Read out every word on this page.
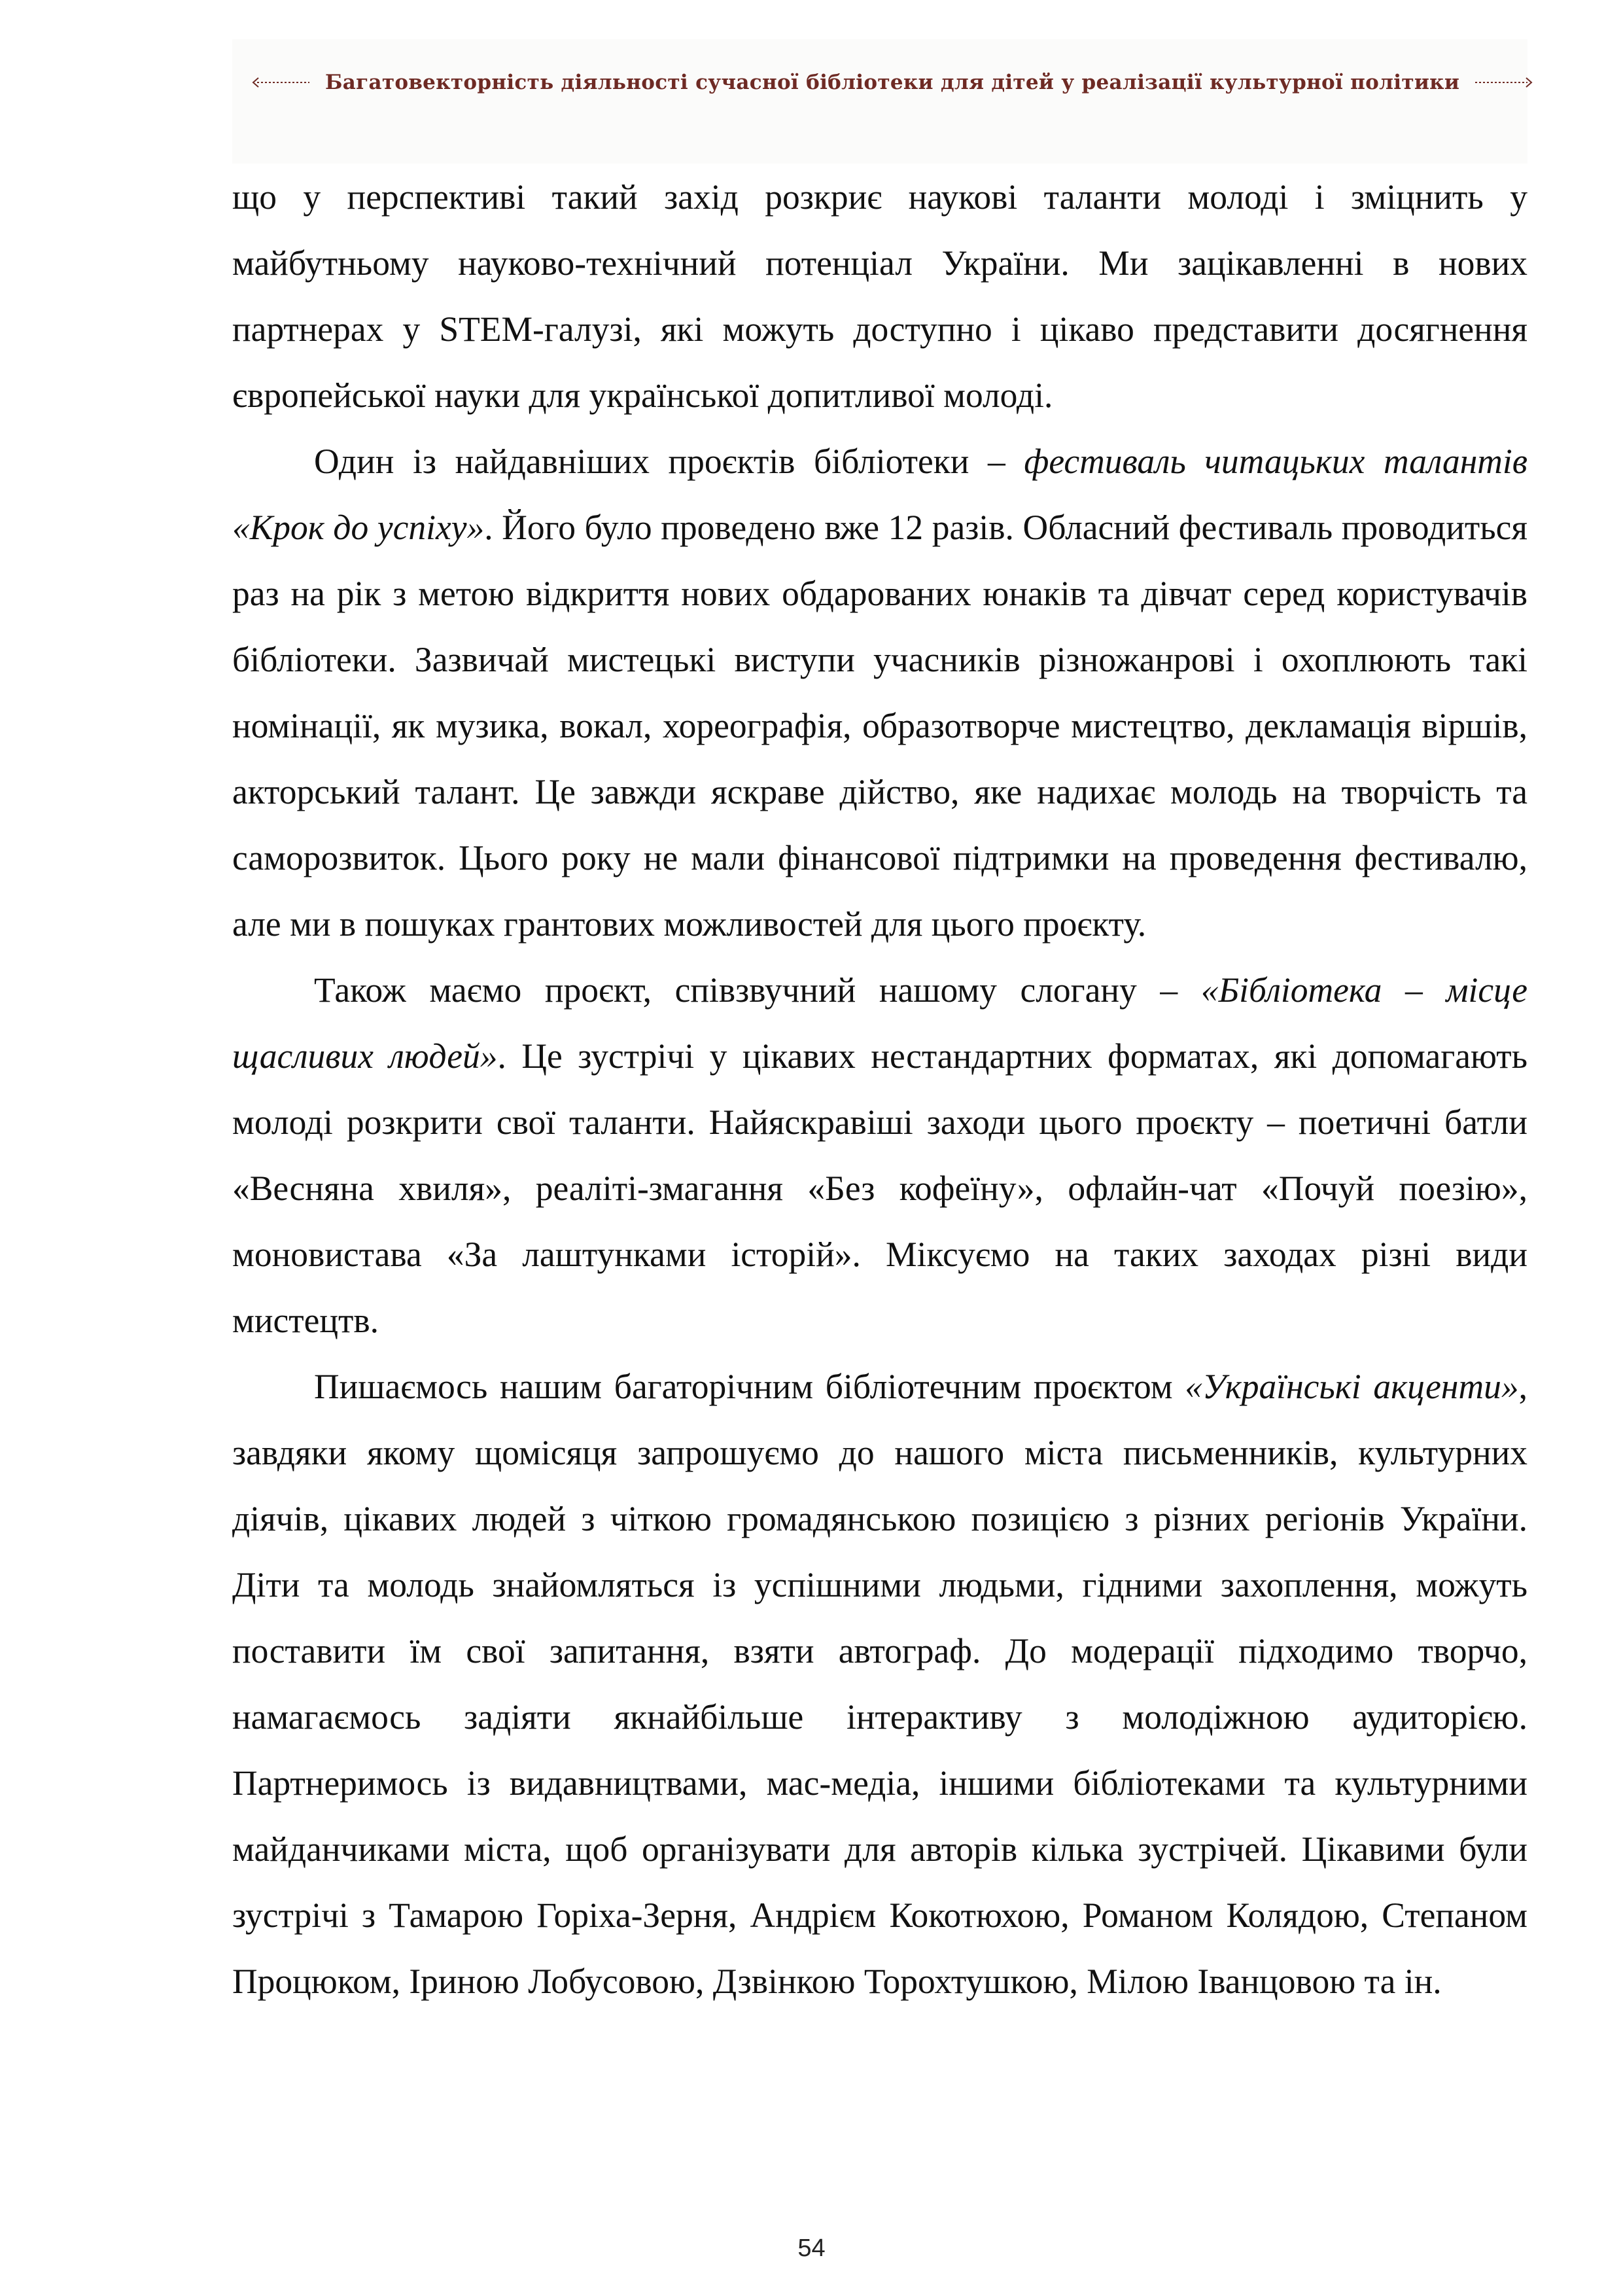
Багатовекторність діяльності сучасної бібліотеки для дітей у реалізації культурної політики

що у перспективі такий захід розкриє наукові таланти молоді і зміцнить у майбутньому науково-технічний потенціал України. Ми зацікавленні в нових партнерах у STEM-галузі, які можуть доступно і цікаво представити досягнення європейської науки для української допитливої молоді.

Один із найдавніших проєктів бібліотеки – фестиваль читацьких талантів «Крок до успіху». Його було проведено вже 12 разів. Обласний фестиваль проводиться раз на рік з метою відкриття нових обдарованих юнаків та дівчат серед користувачів бібліотеки. Зазвичай мистецькі виступи учасників різножанрові і охоплюють такі номінації, як музика, вокал, хореографія, образотворче мистецтво, декламація віршів, акторський талант. Це завжди яскраве дійство, яке надихає молодь на творчість та саморозвиток. Цього року не мали фінансової підтримки на проведення фестивалю, але ми в пошуках грантових можливостей для цього проєкту.

Також маємо проєкт, співзвучний нашому слогану – «Бібліотека – місце щасливих людей». Це зустрічі у цікавих нестандартних форматах, які допомагають молоді розкрити свої таланти. Найяскравіші заходи цього проєкту – поетичні батли «Весняна хвиля», реаліті-змагання «Без кофеїну», офлайн-чат «Почуй поезію», моновистава «За лаштунками історій». Міксуємо на таких заходах різні види мистецтв.

Пишаємось нашим багаторічним бібліотечним проєктом «Українські акценти», завдяки якому щомісяця запрошуємо до нашого міста письменників, культурних діячів, цікавих людей з чіткою громадянською позицією з різних регіонів України. Діти та молодь знайомляться із успішними людьми, гідними захоплення, можуть поставити їм свої запитання, взяти автограф. До модерації підходимо творчо, намагаємось задіяти якнайбільше інтерактиву з молодіжною аудиторією. Партнеримось із видавництвами, мас-медіа, іншими бібліотеками та культурними майданчиками міста, щоб організувати для авторів кілька зустрічей. Цікавими були зустрічі з Тамарою Горіха-Зерня, Андрієм Кокотюхою, Романом Колядою, Степаном Процюком, Іриною Лобусовою, Дзвінкою Торохтушкою, Мілою Іванцовою та ін.

54
